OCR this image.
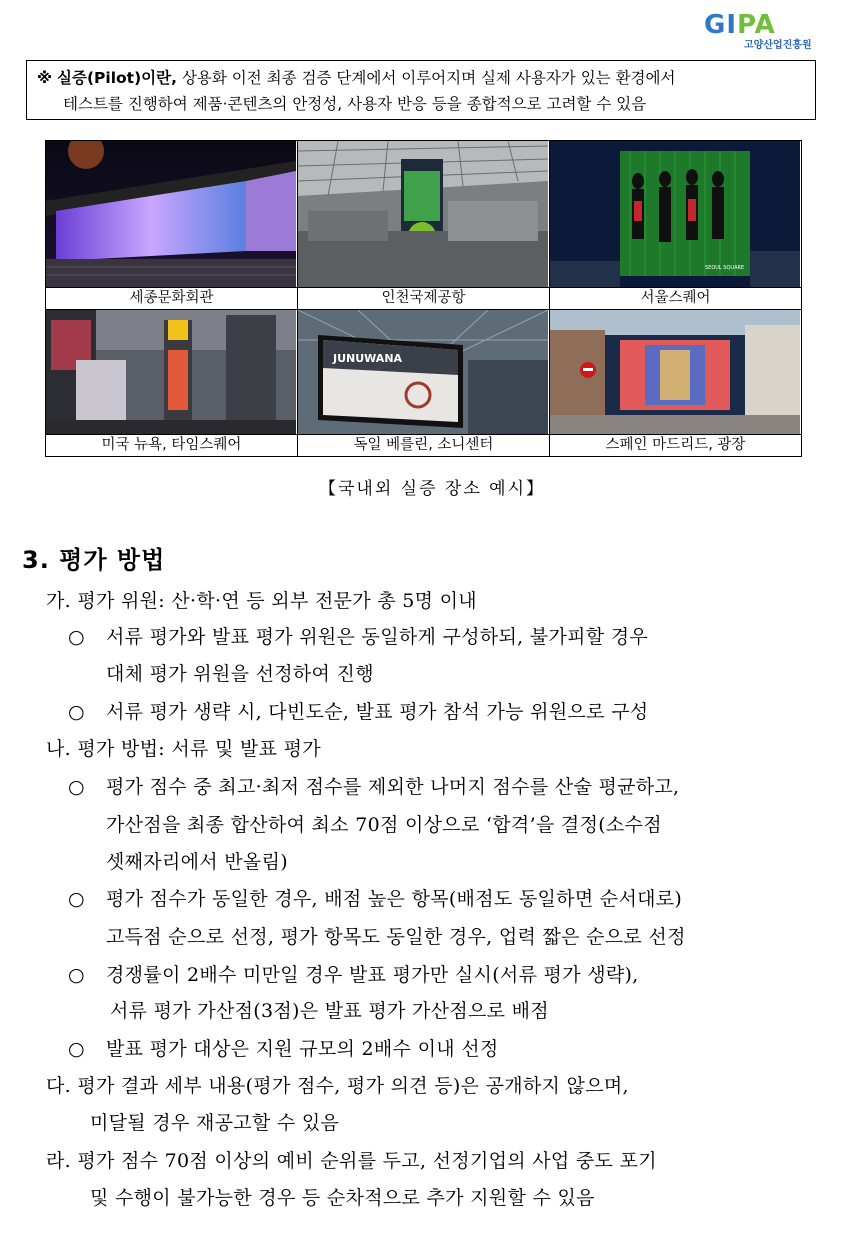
GIPA
고양산업진흥원
※ 실증(Pilot)이란, 상용화 이전 최종 검증 단계에서 이루어지며 실제 사용자가 있는 환경에서
테스트를 진행하여 제품·콘텐츠의 안정성, 사용자 반응 등을 종합적으로 고려할 수 있음

SEOUL SQUARE

세종문화회관	인천국제공항	서울스퀘어

JUNUWANA

미국 뉴욕, 타임스퀘어	독일 베를린, 소니센터	스페인 마드리드, 광장
【국내외 실증 장소 예시】
3. 평가 방법
가. 평가 위원: 산·학·연 등 외부 전문가 총 5명 이내
○ 서류 평가와 발표 평가 위원은 동일하게 구성하되, 불가피할 경우
대체 평가 위원을 선정하여 진행
○ 서류 평가 생략 시, 다빈도순, 발표 평가 참석 가능 위원으로 구성
나. 평가 방법: 서류 및 발표 평가
○ 평가 점수 중 최고·최저 점수를 제외한 나머지 점수를 산술 평균하고,
가산점을 최종 합산하여 최소 70점 이상으로 ‘합격’을 결정(소수점
셋째자리에서 반올림)
○ 평가 점수가 동일한 경우, 배점 높은 항목(배점도 동일하면 순서대로)
고득점 순으로 선정, 평가 항목도 동일한 경우, 업력 짧은 순으로 선정
○ 경쟁률이 2배수 미만일 경우 발표 평가만 실시(서류 평가 생략),
서류 평가 가산점(3점)은 발표 평가 가산점으로 배점
○ 발표 평가 대상은 지원 규모의 2배수 이내 선정
다. 평가 결과 세부 내용(평가 점수, 평가 의견 등)은 공개하지 않으며,
미달될 경우 재공고할 수 있음
라. 평가 점수 70점 이상의 예비 순위를 두고, 선정기업의 사업 중도 포기
및 수행이 불가능한 경우 등 순차적으로 추가 지원할 수 있음
